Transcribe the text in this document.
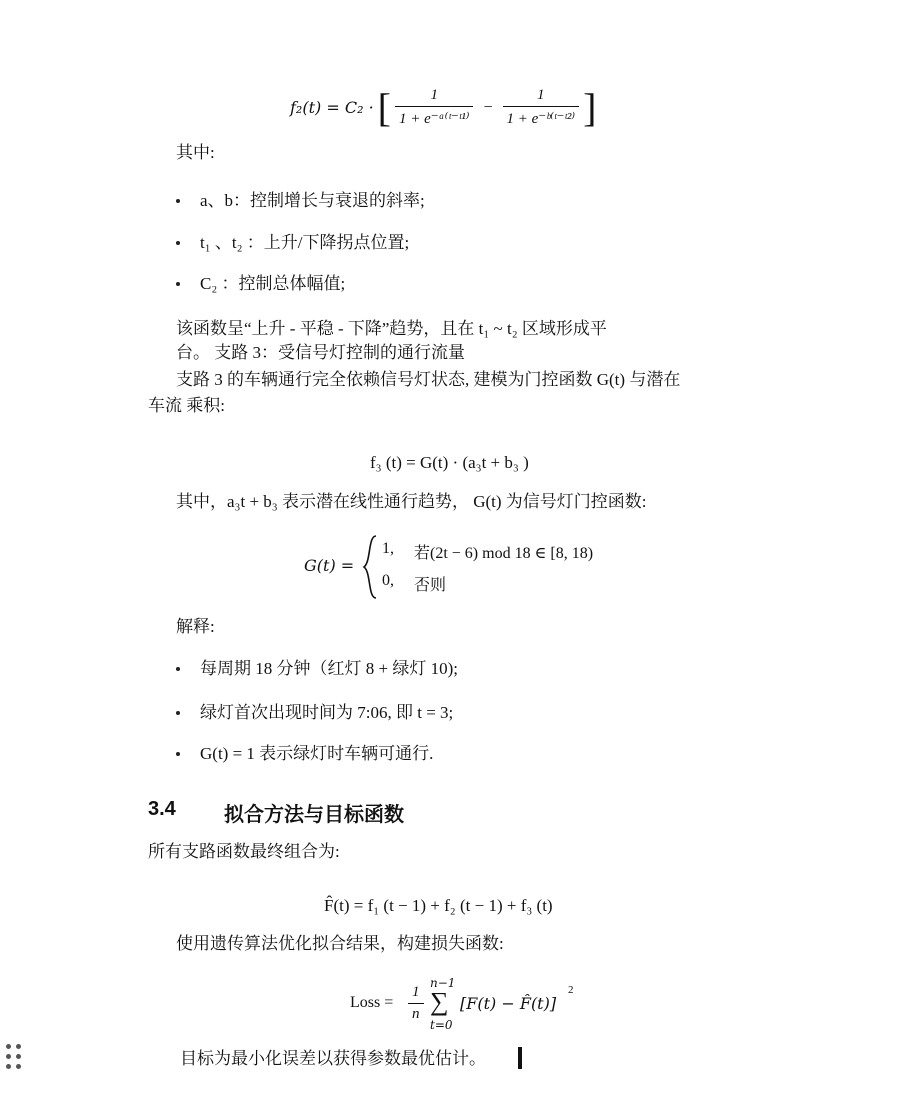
f₂(t) = C₂ · [ $\frac{1}{\text{1 + e⁻ᵃ⁽ᵗ⁻ᵗ¹⁾}} - \frac{1}{\text{1 + e⁻ᵇ⁽ᵗ⁻ᵗ²⁾}}$ ]
其中:
a、b：控制增长与衰退的斜率;
t₁ 、t₂ ：上升/下降拐点位置;
C₂ ：控制总体幅值;
该函数呈“上升 - 平稳 - 下降”趋势，且在 t₁ ~ t₂ 区域形成平
台。 支路 3：受信号灯控制的通行流量
支路 3 的车辆通行完全依赖信号灯状态, 建模为门控函数 G(t) 与潜在
车流 乘积:
f₃ (t) = G(t) · (a₃t + b₃ )
其中，a₃t + b₃ 表示潜在线性通行趋势， G(t) 为信号灯门控函数:
G(t) =
1, 若(2t − 6) mod 18 ∈ [8, 18)
0, 否则
解释:
每周期 18 分钟（红灯 8 + 绿灯 10);
绿灯首次出现时间为 7:06, 即 t = 3;
G(t) = 1 表示绿灯时车辆可通行.
3.4 拟合方法与目标函数
所有支路函数最终组合为:
F̂(t) = f₁ (t − 1) + f₂ (t − 1) + f₃ (t)
使用遗传算法优化拟合结果，构建损失函数:
Loss = $\frac{1}{n}$
n−1
∑
t=0
[F(t) − F̂(t)]
2
目标为最小化误差以获得参数最优估计。
